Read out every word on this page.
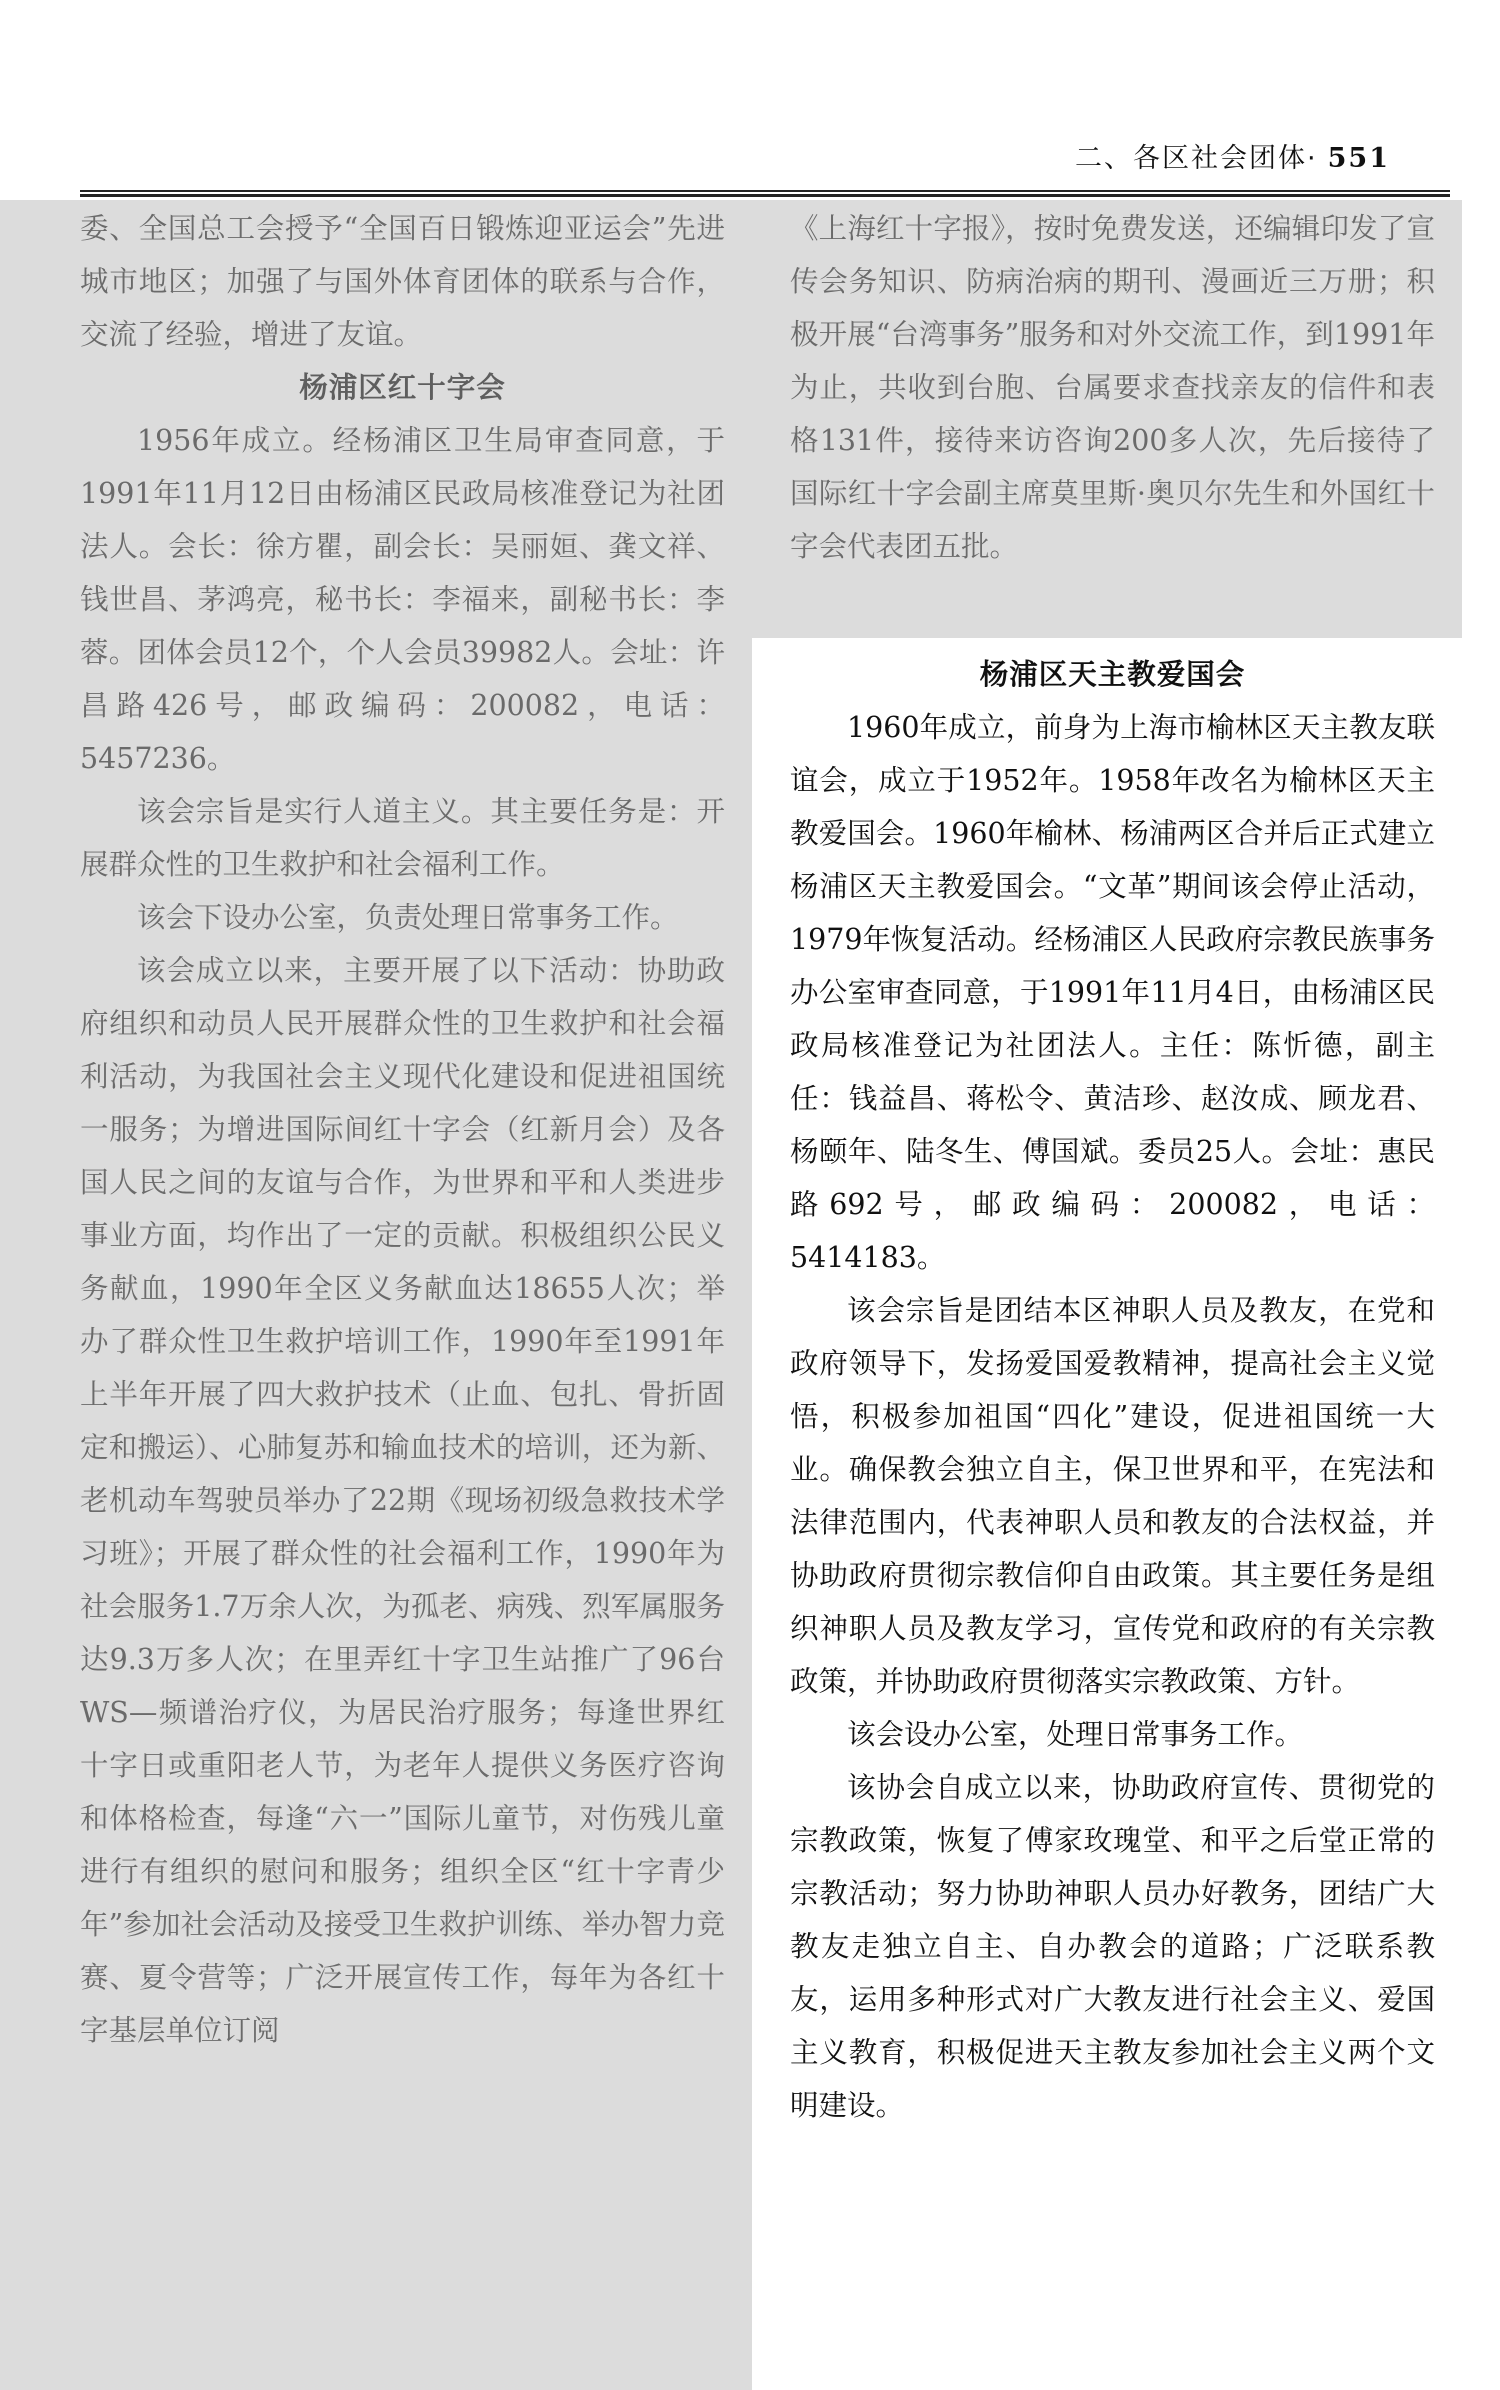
二、各区社会团体· 551

委、全国总工会授予“全国百日锻炼迎亚运会”先进城市地区；加强了与国外体育团体的联系与合作，交流了经验，增进了友谊。

杨浦区红十字会

1956年成立。经杨浦区卫生局审查同意，于1991年11月12日由杨浦区民政局核准登记为社团法人。会长：徐方瞿，副会长：吴丽姮、龚文祥、钱世昌、茅鸿亮，秘书长：李福来，副秘书长：李蓉。团体会员12个，个人会员39982人。会址：许昌路426号，邮政编码：200082，电话：5457236。

该会宗旨是实行人道主义。其主要任务是：开展群众性的卫生救护和社会福利工作。

该会下设办公室，负责处理日常事务工作。

该会成立以来，主要开展了以下活动：协助政府组织和动员人民开展群众性的卫生救护和社会福利活动，为我国社会主义现代化建设和促进祖国统一服务；为增进国际间红十字会（红新月会）及各国人民之间的友谊与合作，为世界和平和人类进步事业方面，均作出了一定的贡献。积极组织公民义务献血，1990年全区义务献血达18655人次；举办了群众性卫生救护培训工作，1990年至1991年上半年开展了四大救护技术（止血、包扎、骨折固定和搬运）、心肺复苏和输血技术的培训，还为新、老机动车驾驶员举办了22期《现场初级急救技术学习班》；开展了群众性的社会福利工作，1990年为社会服务1.7万余人次，为孤老、病残、烈军属服务达9.3万多人次；在里弄红十字卫生站推广了96台WS—频谱治疗仪，为居民治疗服务；每逢世界红十字日或重阳老人节，为老年人提供义务医疗咨询和体格检查，每逢“六一”国际儿童节，对伤残儿童进行有组织的慰问和服务；组织全区“红十字青少年”参加社会活动及接受卫生救护训练、举办智力竞赛、夏令营等；广泛开展宣传工作，每年为各红十字基层单位订阅

《上海红十字报》，按时免费发送，还编辑印发了宣传会务知识、防病治病的期刊、漫画近三万册；积极开展“台湾事务”服务和对外交流工作，到1991年为止，共收到台胞、台属要求查找亲友的信件和表格131件，接待来访咨询200多人次，先后接待了国际红十字会副主席莫里斯·奥贝尔先生和外国红十字会代表团五批。

杨浦区天主教爱国会

1960年成立，前身为上海市榆林区天主教友联谊会，成立于1952年。1958年改名为榆林区天主教爱国会。1960年榆林、杨浦两区合并后正式建立杨浦区天主教爱国会。“文革”期间该会停止活动，1979年恢复活动。经杨浦区人民政府宗教民族事务办公室审查同意，于1991年11月4日，由杨浦区民政局核准登记为社团法人。主任：陈忻德，副主任：钱益昌、蒋松令、黄洁珍、赵汝成、顾龙君、杨颐年、陆冬生、傅国斌。委员25人。会址：惠民路692号，邮政编码：200082，电话：5414183。

该会宗旨是团结本区神职人员及教友，在党和政府领导下，发扬爱国爱教精神，提高社会主义觉悟，积极参加祖国“四化”建设，促进祖国统一大业。确保教会独立自主，保卫世界和平，在宪法和法律范围内，代表神职人员和教友的合法权益，并协助政府贯彻宗教信仰自由政策。其主要任务是组织神职人员及教友学习，宣传党和政府的有关宗教政策，并协助政府贯彻落实宗教政策、方针。

该会设办公室，处理日常事务工作。

该协会自成立以来，协助政府宣传、贯彻党的宗教政策，恢复了傅家玫瑰堂、和平之后堂正常的宗教活动；努力协助神职人员办好教务，团结广大教友走独立自主、自办教会的道路；广泛联系教友，运用多种形式对广大教友进行社会主义、爱国主义教育，积极促进天主教友参加社会主义两个文明建设。
